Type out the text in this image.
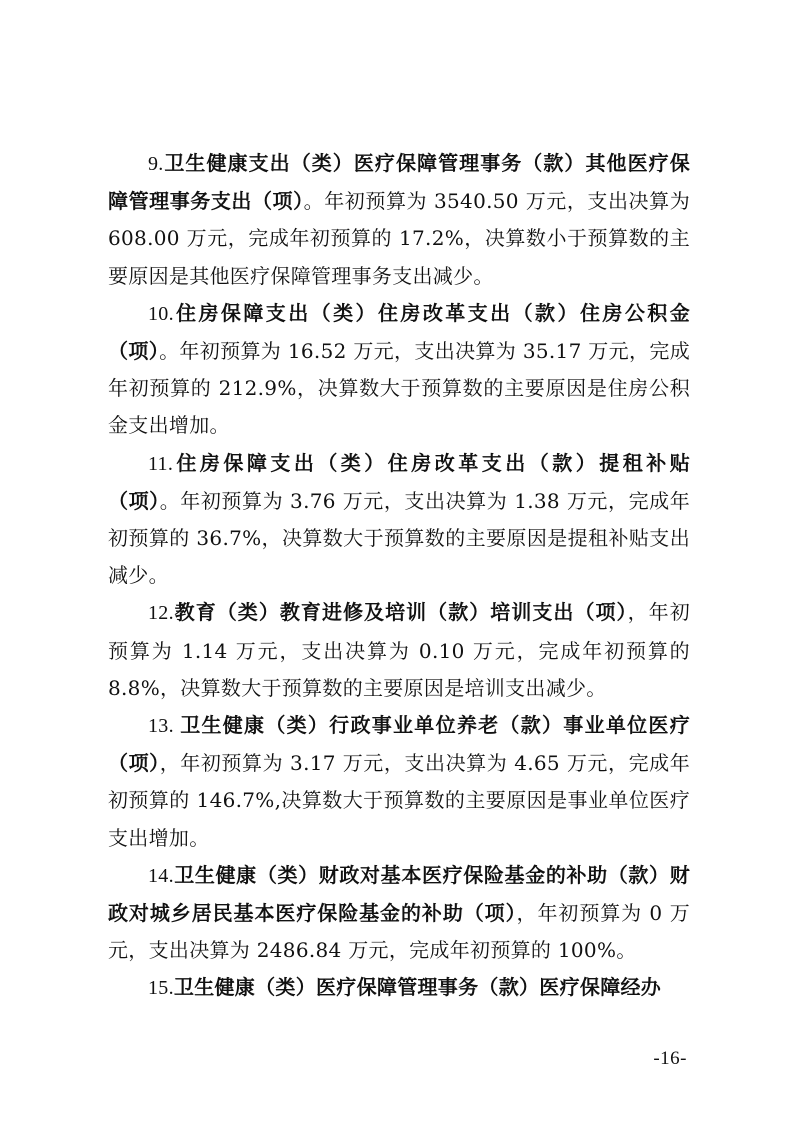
9.卫生健康支出（类）医疗保障管理事务（款）其他医疗保障管理事务支出（项）。年初预算为 3540.50 万元，支出决算为 608.00 万元，完成年初预算的 17.2%，决算数小于预算数的主要原因是其他医疗保障管理事务支出减少。

10.住房保障支出（类）住房改革支出（款）住房公积金（项）。年初预算为 16.52 万元，支出决算为 35.17 万元，完成年初预算的 212.9%，决算数大于预算数的主要原因是住房公积金支出增加。

11.住房保障支出（类）住房改革支出（款）提租补贴（项）。年初预算为 3.76 万元，支出决算为 1.38 万元，完成年初预算的 36.7%，决算数大于预算数的主要原因是提租补贴支出减少。

12.教育（类）教育进修及培训（款）培训支出（项），年初预算为 1.14 万元，支出决算为 0.10 万元，完成年初预算的 8.8%，决算数大于预算数的主要原因是培训支出减少。

13. 卫生健康（类）行政事业单位养老（款）事业单位医疗（项），年初预算为 3.17 万元，支出决算为 4.65 万元，完成年初预算的 146.7%,决算数大于预算数的主要原因是事业单位医疗支出增加。

14.卫生健康（类）财政对基本医疗保险基金的补助（款）财政对城乡居民基本医疗保险基金的补助（项），年初预算为 0 万元，支出决算为 2486.84 万元，完成年初预算的 100%。

15.卫生健康（类）医疗保障管理事务（款）医疗保障经办

-16-
